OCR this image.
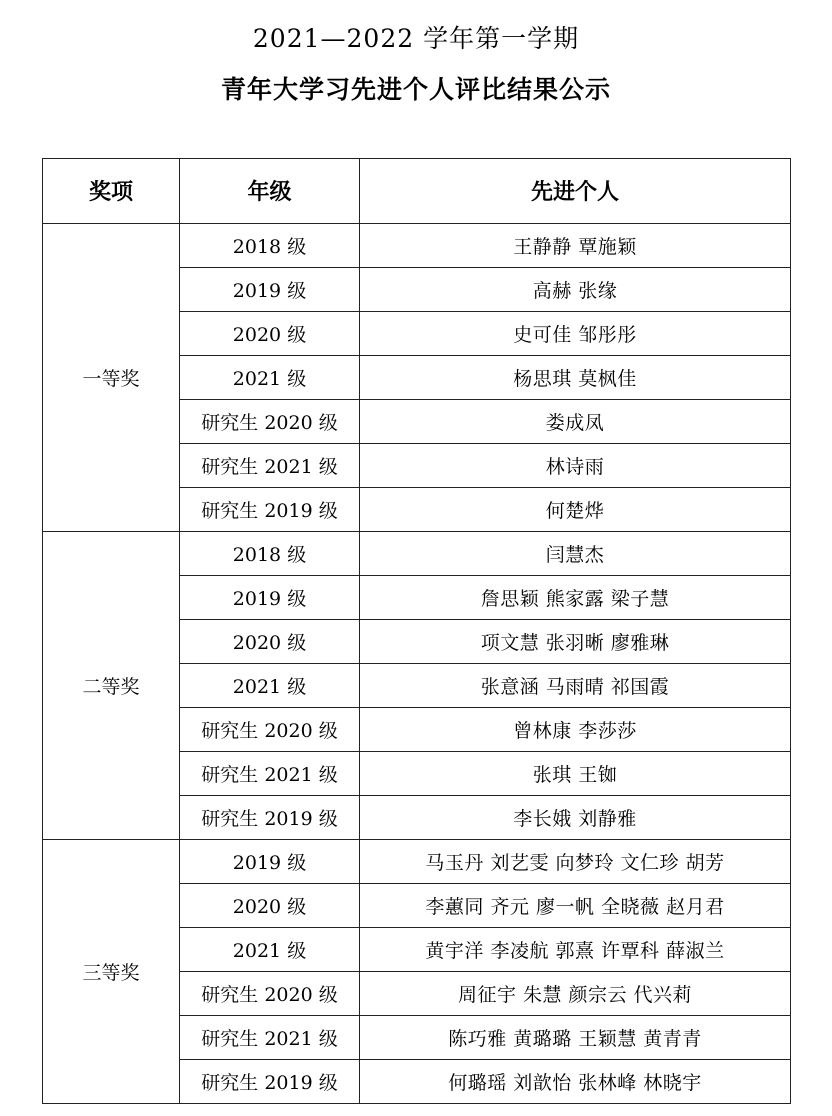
2021—2022 学年第一学期
青年大学习先进个人评比结果公示
奖项	年级	先进个人
一等奖	2018 级	王静静 覃施颖
	2019 级	高赫 张缘
	2020 级	史可佳 邹彤彤
	2021 级	杨思琪 莫枫佳
	研究生 2020 级	娄成凤
	研究生 2021 级	林诗雨
	研究生 2019 级	何楚烨
二等奖	2018 级	闫慧杰
	2019 级	詹思颖 熊家露 梁子慧
	2020 级	项文慧 张羽晰 廖雅琳
	2021 级	张意涵 马雨晴 祁国霞
	研究生 2020 级	曾林康 李莎莎
	研究生 2021 级	张琪 王铷
	研究生 2019 级	李长娥 刘静雅
三等奖	2019 级	马玉丹 刘艺雯 向梦玲 文仁珍 胡芳
	2020 级	李蕙同 齐元 廖一帆 全晓薇 赵月君
	2021 级	黄宇洋 李凌航 郭熹 许覃科 薛淑兰
	研究生 2020 级	周征宇 朱慧 颜宗云 代兴莉
	研究生 2021 级	陈巧雅 黄璐璐 王颖慧 黄青青
	研究生 2019 级	何璐瑶 刘歆怡 张林峰 林晓宇
